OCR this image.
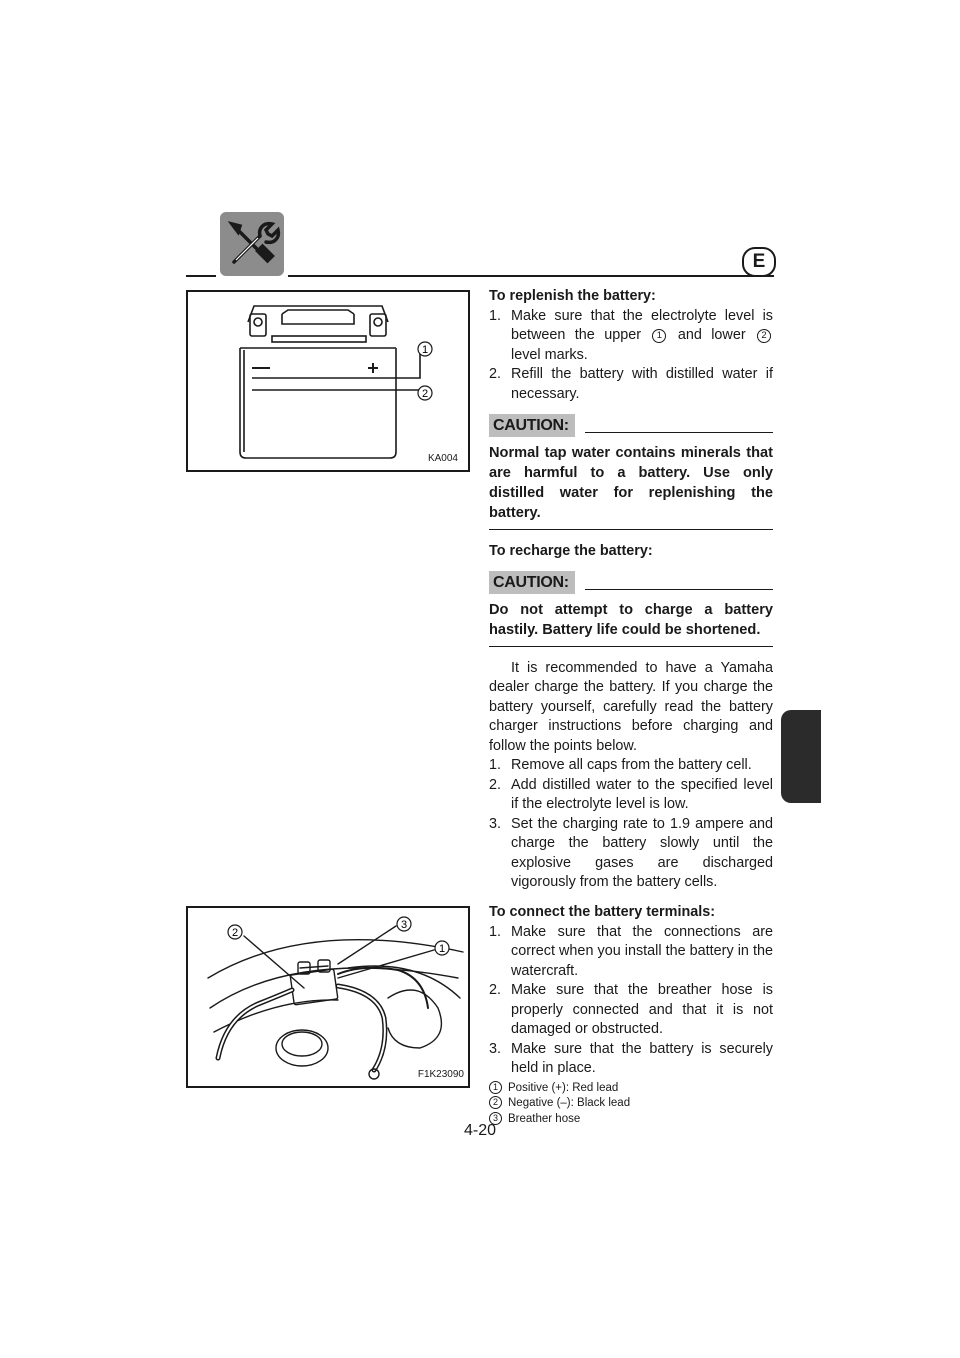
E
1
2
KA004
2
3
1
F1K23090
To replenish the battery:
1. Make sure that the electrolyte level is between the upper 1 and lower 2 level marks.
2. Refill the battery with distilled water if necessary.
CAUTION:
Normal tap water contains minerals that are harmful to a battery. Use only distilled water for replenishing the battery.
To recharge the battery:
CAUTION:
Do not attempt to charge a battery hastily. Battery life could be shortened.
It is recommended to have a Yamaha dealer charge the battery. If you charge the battery yourself, carefully read the battery charger instructions before charging and follow the points below.
1. Remove all caps from the battery cell.
2. Add distilled water to the specified level if the electrolyte level is low.
3. Set the charging rate to 1.9 ampere and charge the battery slowly until the explosive gases are discharged vigorously from the battery cells.
To connect the battery terminals:
1. Make sure that the connections are correct when you install the battery in the watercraft.
2. Make sure that the breather hose is properly connected and that it is not damaged or obstructed.
3. Make sure that the battery is securely held in place.
1 Positive (+): Red lead
2 Negative (–): Black lead
3 Breather hose
4-20
